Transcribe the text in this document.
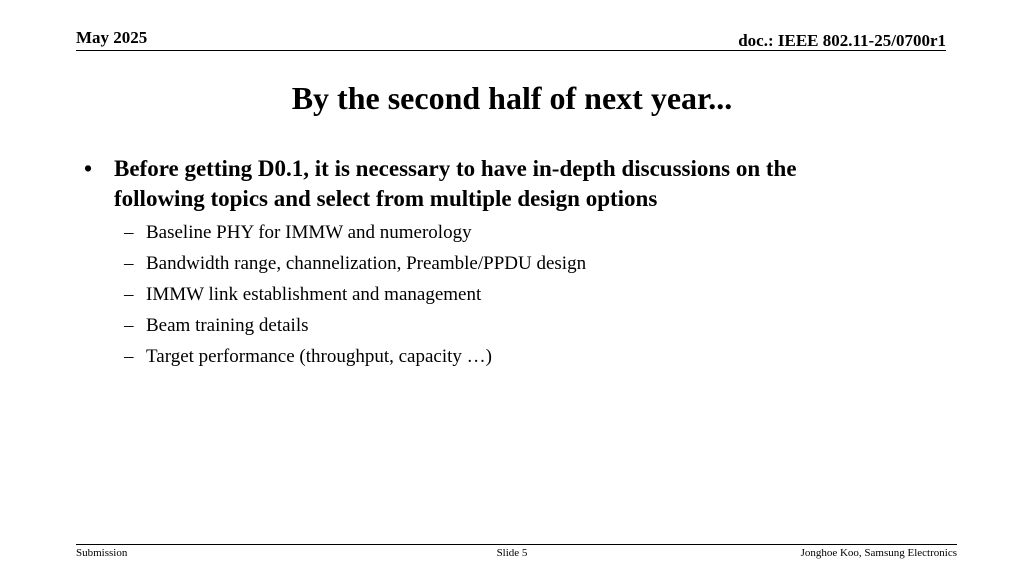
May 2025	doc.: IEEE 802.11-25/0700r1
By the second half of next year...
• Before getting D0.1, it is necessary to have in-depth discussions on the
following topics and select from multiple design options
– Baseline PHY for IMMW and numerology
– Bandwidth range, channelization, Preamble/PPDU design
– IMMW link establishment and management
– Beam training details
– Target performance (throughput, capacity …)
Submission	Slide 5	Jonghoe Koo, Samsung Electronics
